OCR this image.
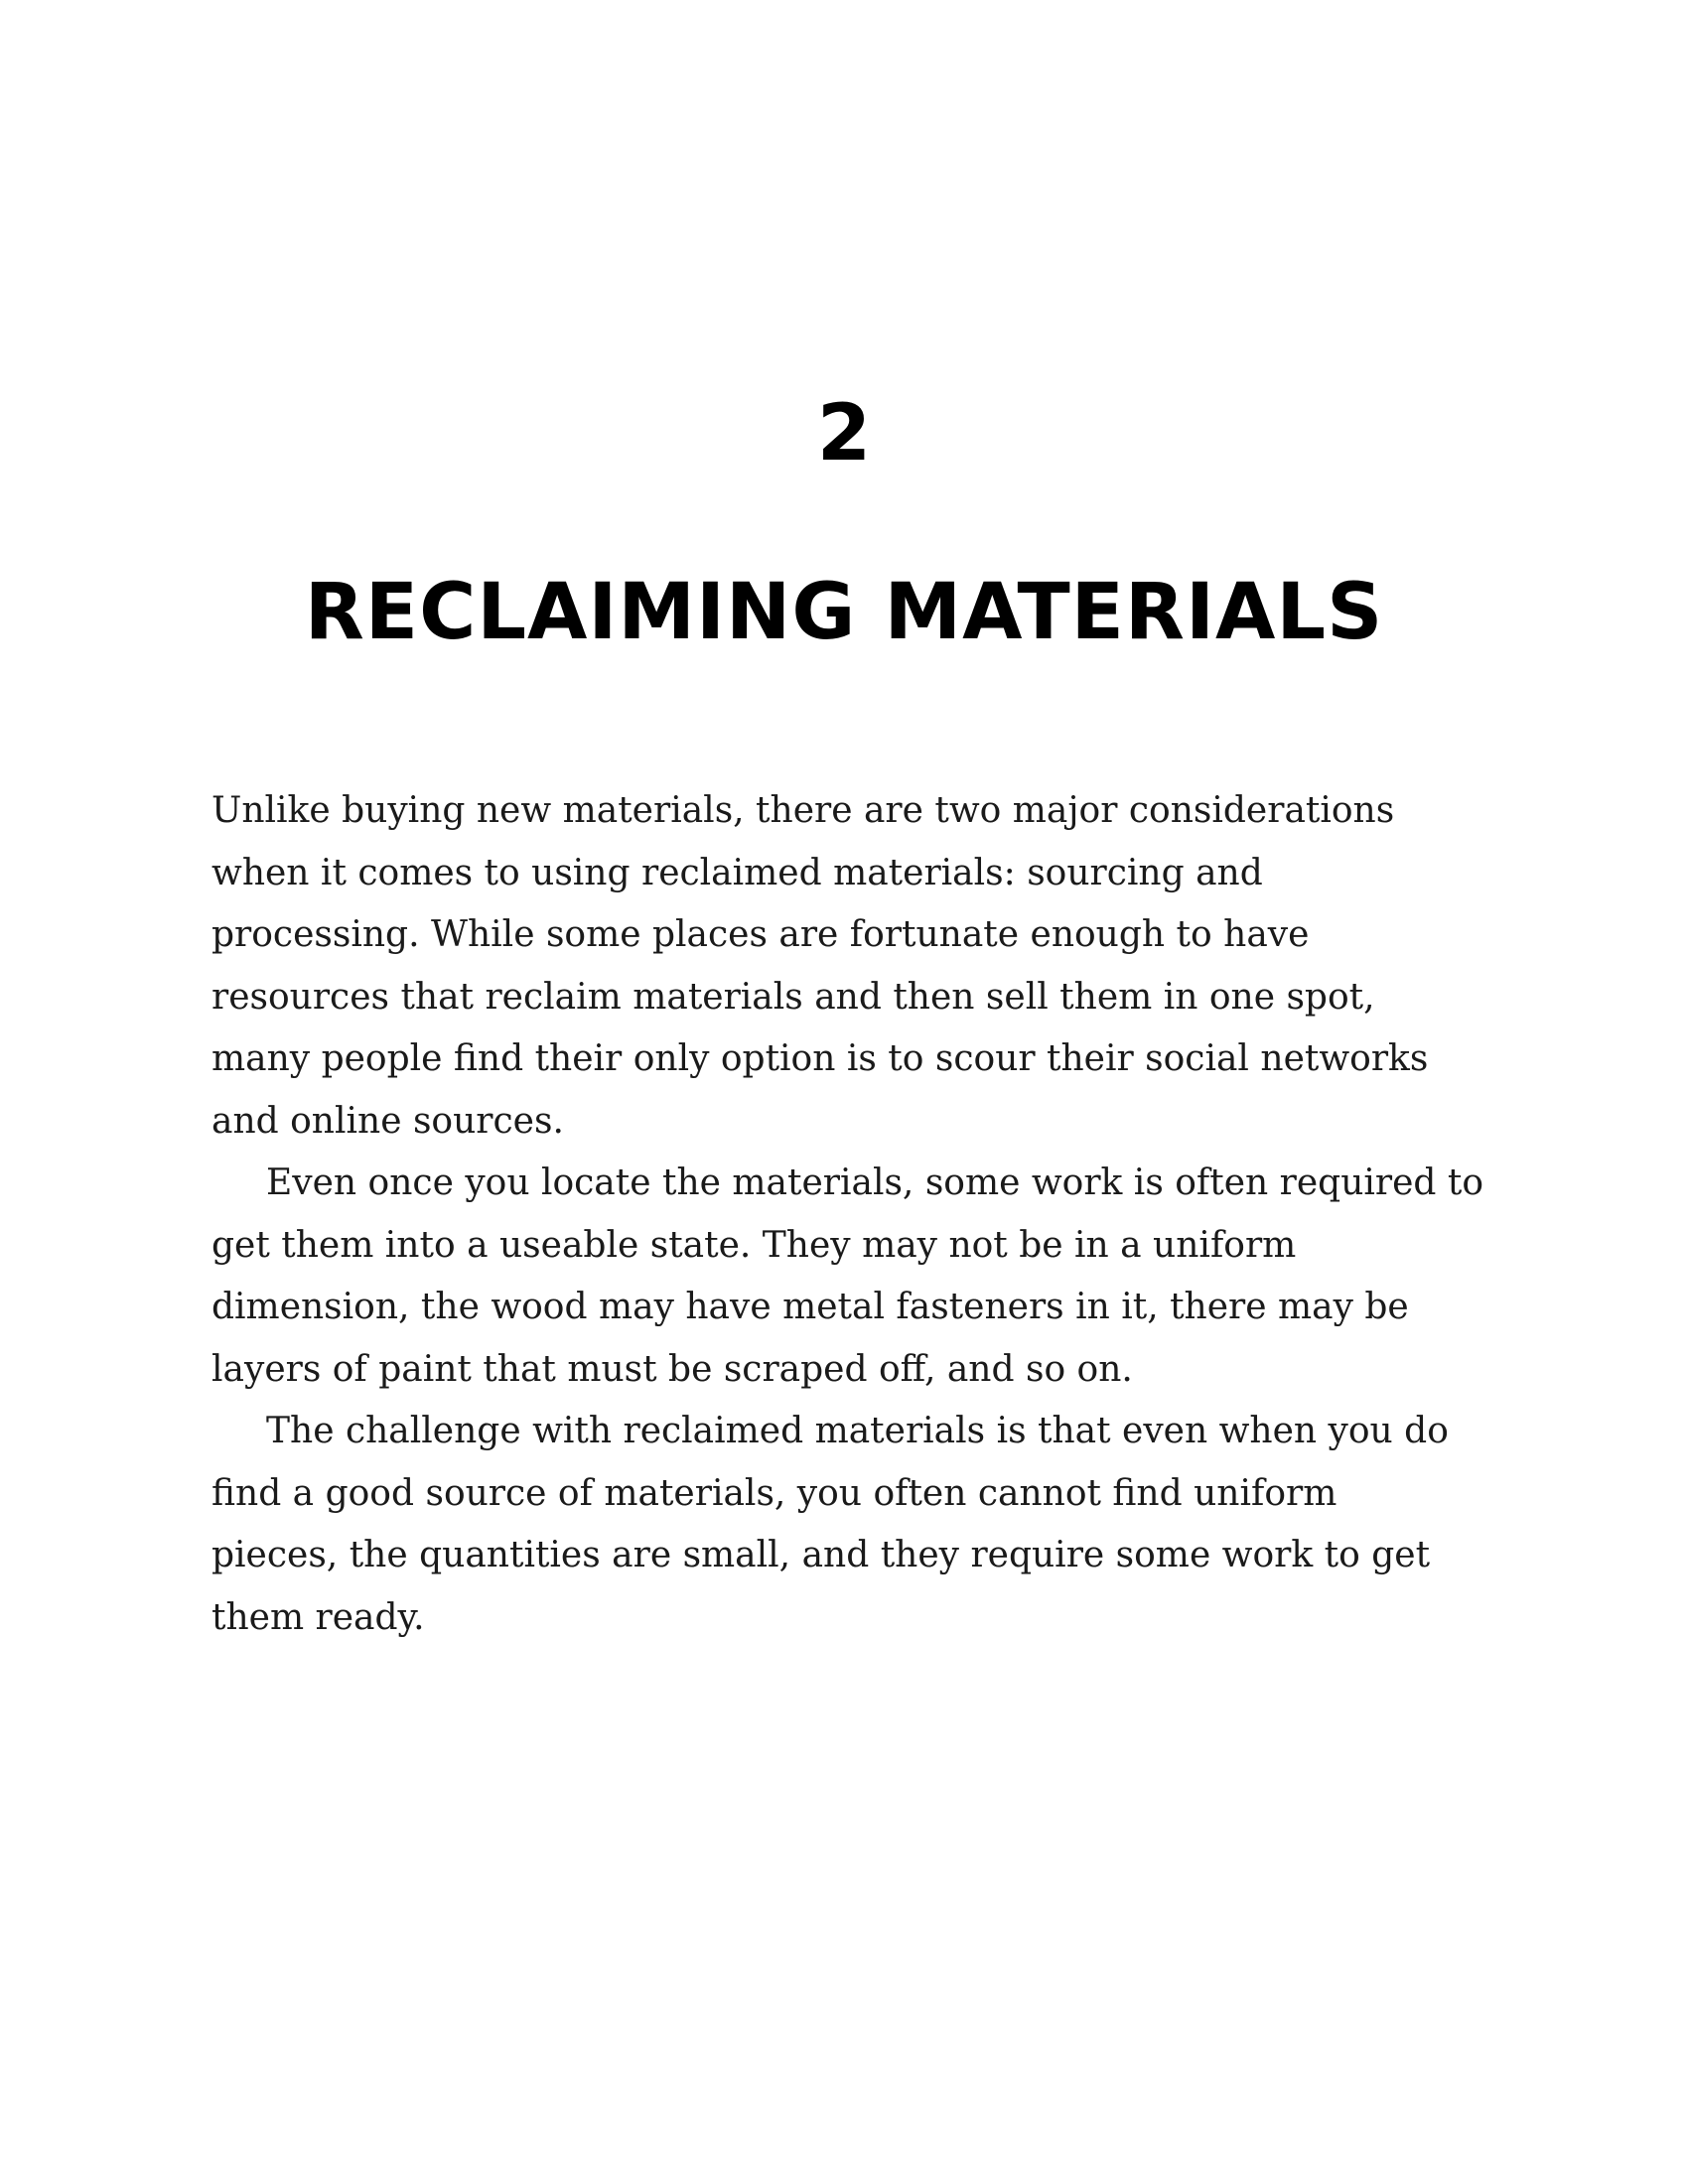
2
RECLAIMING MATERIALS
Unlike buying new materials, there are two major considerations
when it comes to using reclaimed materials: sourcing and
processing. While some places are fortunate enough to have
resources that reclaim materials and then sell them in one spot,
many people find their only option is to scour their social networks
and online sources.
Even once you locate the materials, some work is often required to
get them into a useable state. They may not be in a uniform
dimension, the wood may have metal fasteners in it, there may be
layers of paint that must be scraped off, and so on.
The challenge with reclaimed materials is that even when you do
find a good source of materials, you often cannot find uniform
pieces, the quantities are small, and they require some work to get
them ready.
